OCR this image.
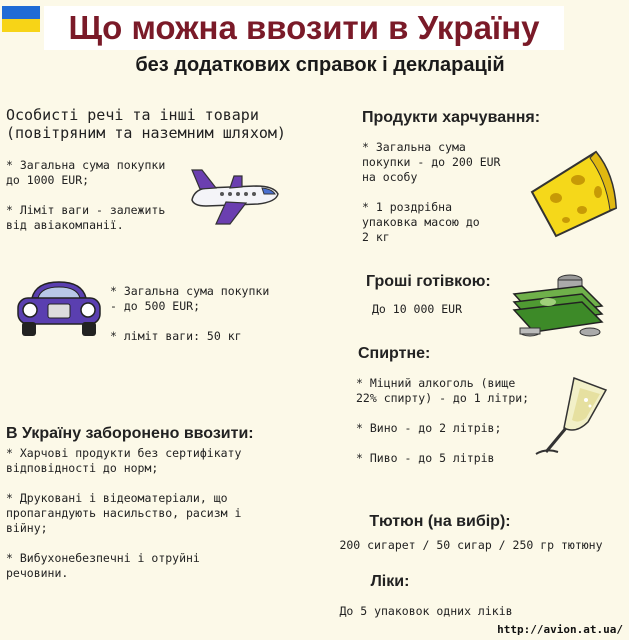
Що можна ввозити в Україну
без додаткових справок і декларацій
Особисті речі та інші товари
(повітряним та наземним шляхом)
* Загальна сума покупки
до 1000 EUR;

* Ліміт ваги - залежить
від авіакомпанії.
* Загальна сума покупки
- до 500 EUR;

* ліміт ваги: 50 кг
Продукти харчування:
* Загальна сума
покупки - до 200 EUR
на особу

* 1 роздрібна
упаковка масою до
2 кг
Гроші готівкою:
До 10 000 EUR
Спиртне:
* Міцний алкоголь (вище
22% спирту) - до 1 літри;

* Вино - до 2 літрів;

* Пиво - до 5 літрів
В Україну заборонено ввозити:
* Харчові продукти без сертифікату
відповідності до норм;

* Друковані і відеоматеріали, що
пропагандують насильство, расизм і
війну;

* Вибухонебезпечні і отруйні
речовини.
Тютюн (на вибір):
200 сигарет / 50 сигар / 250 гр тютюну
Ліки:
До 5 упаковок одних ліків
http://avion.at.ua/
